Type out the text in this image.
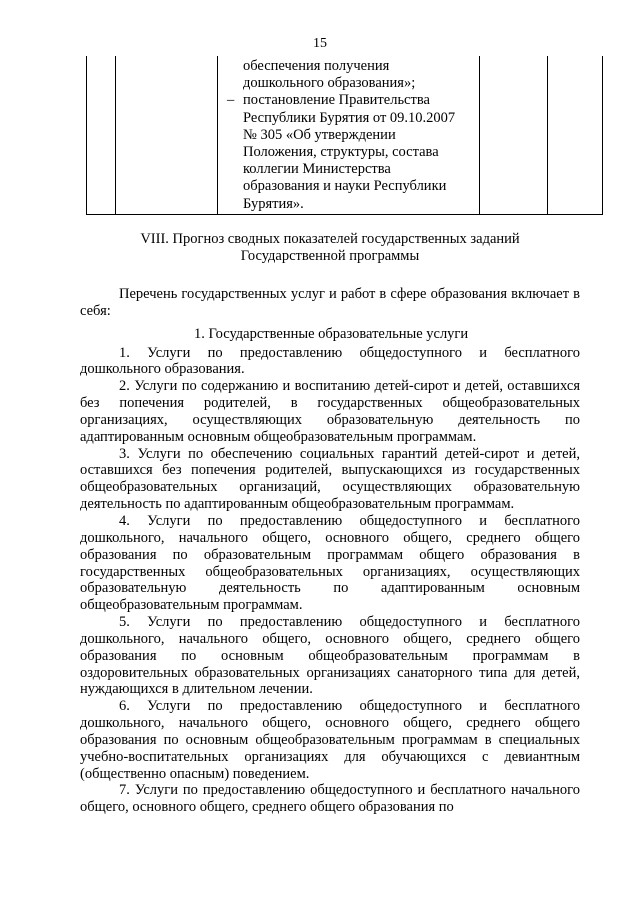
15

обеспечения получения

дошкольного образования»;

– постановление Правительства Республики Бурятия от 09.10.2007 № 305 «Об утверждении Положения, структуры, состава коллегии Министерства образования и науки Республики Бурятия».

VIII. Прогноз сводных показателей государственных заданий
Государственной программы

Перечень государственных услуг и работ в сфере образования включает в себя:

1. Государственные образовательные услуги

1. Услуги по предоставлению общедоступного и бесплатного дошкольного образования.

2. Услуги по содержанию и воспитанию детей-сирот и детей, оставшихся без попечения родителей, в государственных общеобразовательных организациях, осуществляющих образовательную деятельность по адаптированным основным общеобразовательным программам.

3. Услуги по обеспечению социальных гарантий детей-сирот и детей, оставшихся без попечения родителей, выпускающихся из государственных общеобразовательных организаций, осуществляющих образовательную деятельность по адаптированным общеобразовательным программам.

4. Услуги по предоставлению общедоступного и бесплатного дошкольного, начального общего, основного общего, среднего общего образования по образовательным программам общего образования в государственных общеобразовательных организациях, осуществляющих образовательную деятельность по адаптированным основным общеобразовательным программам.

5. Услуги по предоставлению общедоступного и бесплатного дошкольного, начального общего, основного общего, среднего общего образования по основным общеобразовательным программам в оздоровительных образовательных организациях санаторного типа для детей, нуждающихся в длительном лечении.

6. Услуги по предоставлению общедоступного и бесплатного дошкольного, начального общего, основного общего, среднего общего образования по основным общеобразовательным программам в специальных учебно-воспитательных организациях для обучающихся с девиантным (общественно опасным) поведением.

7. Услуги по предоставлению общедоступного и бесплатного начального общего, основного общего, среднего общего образования по
